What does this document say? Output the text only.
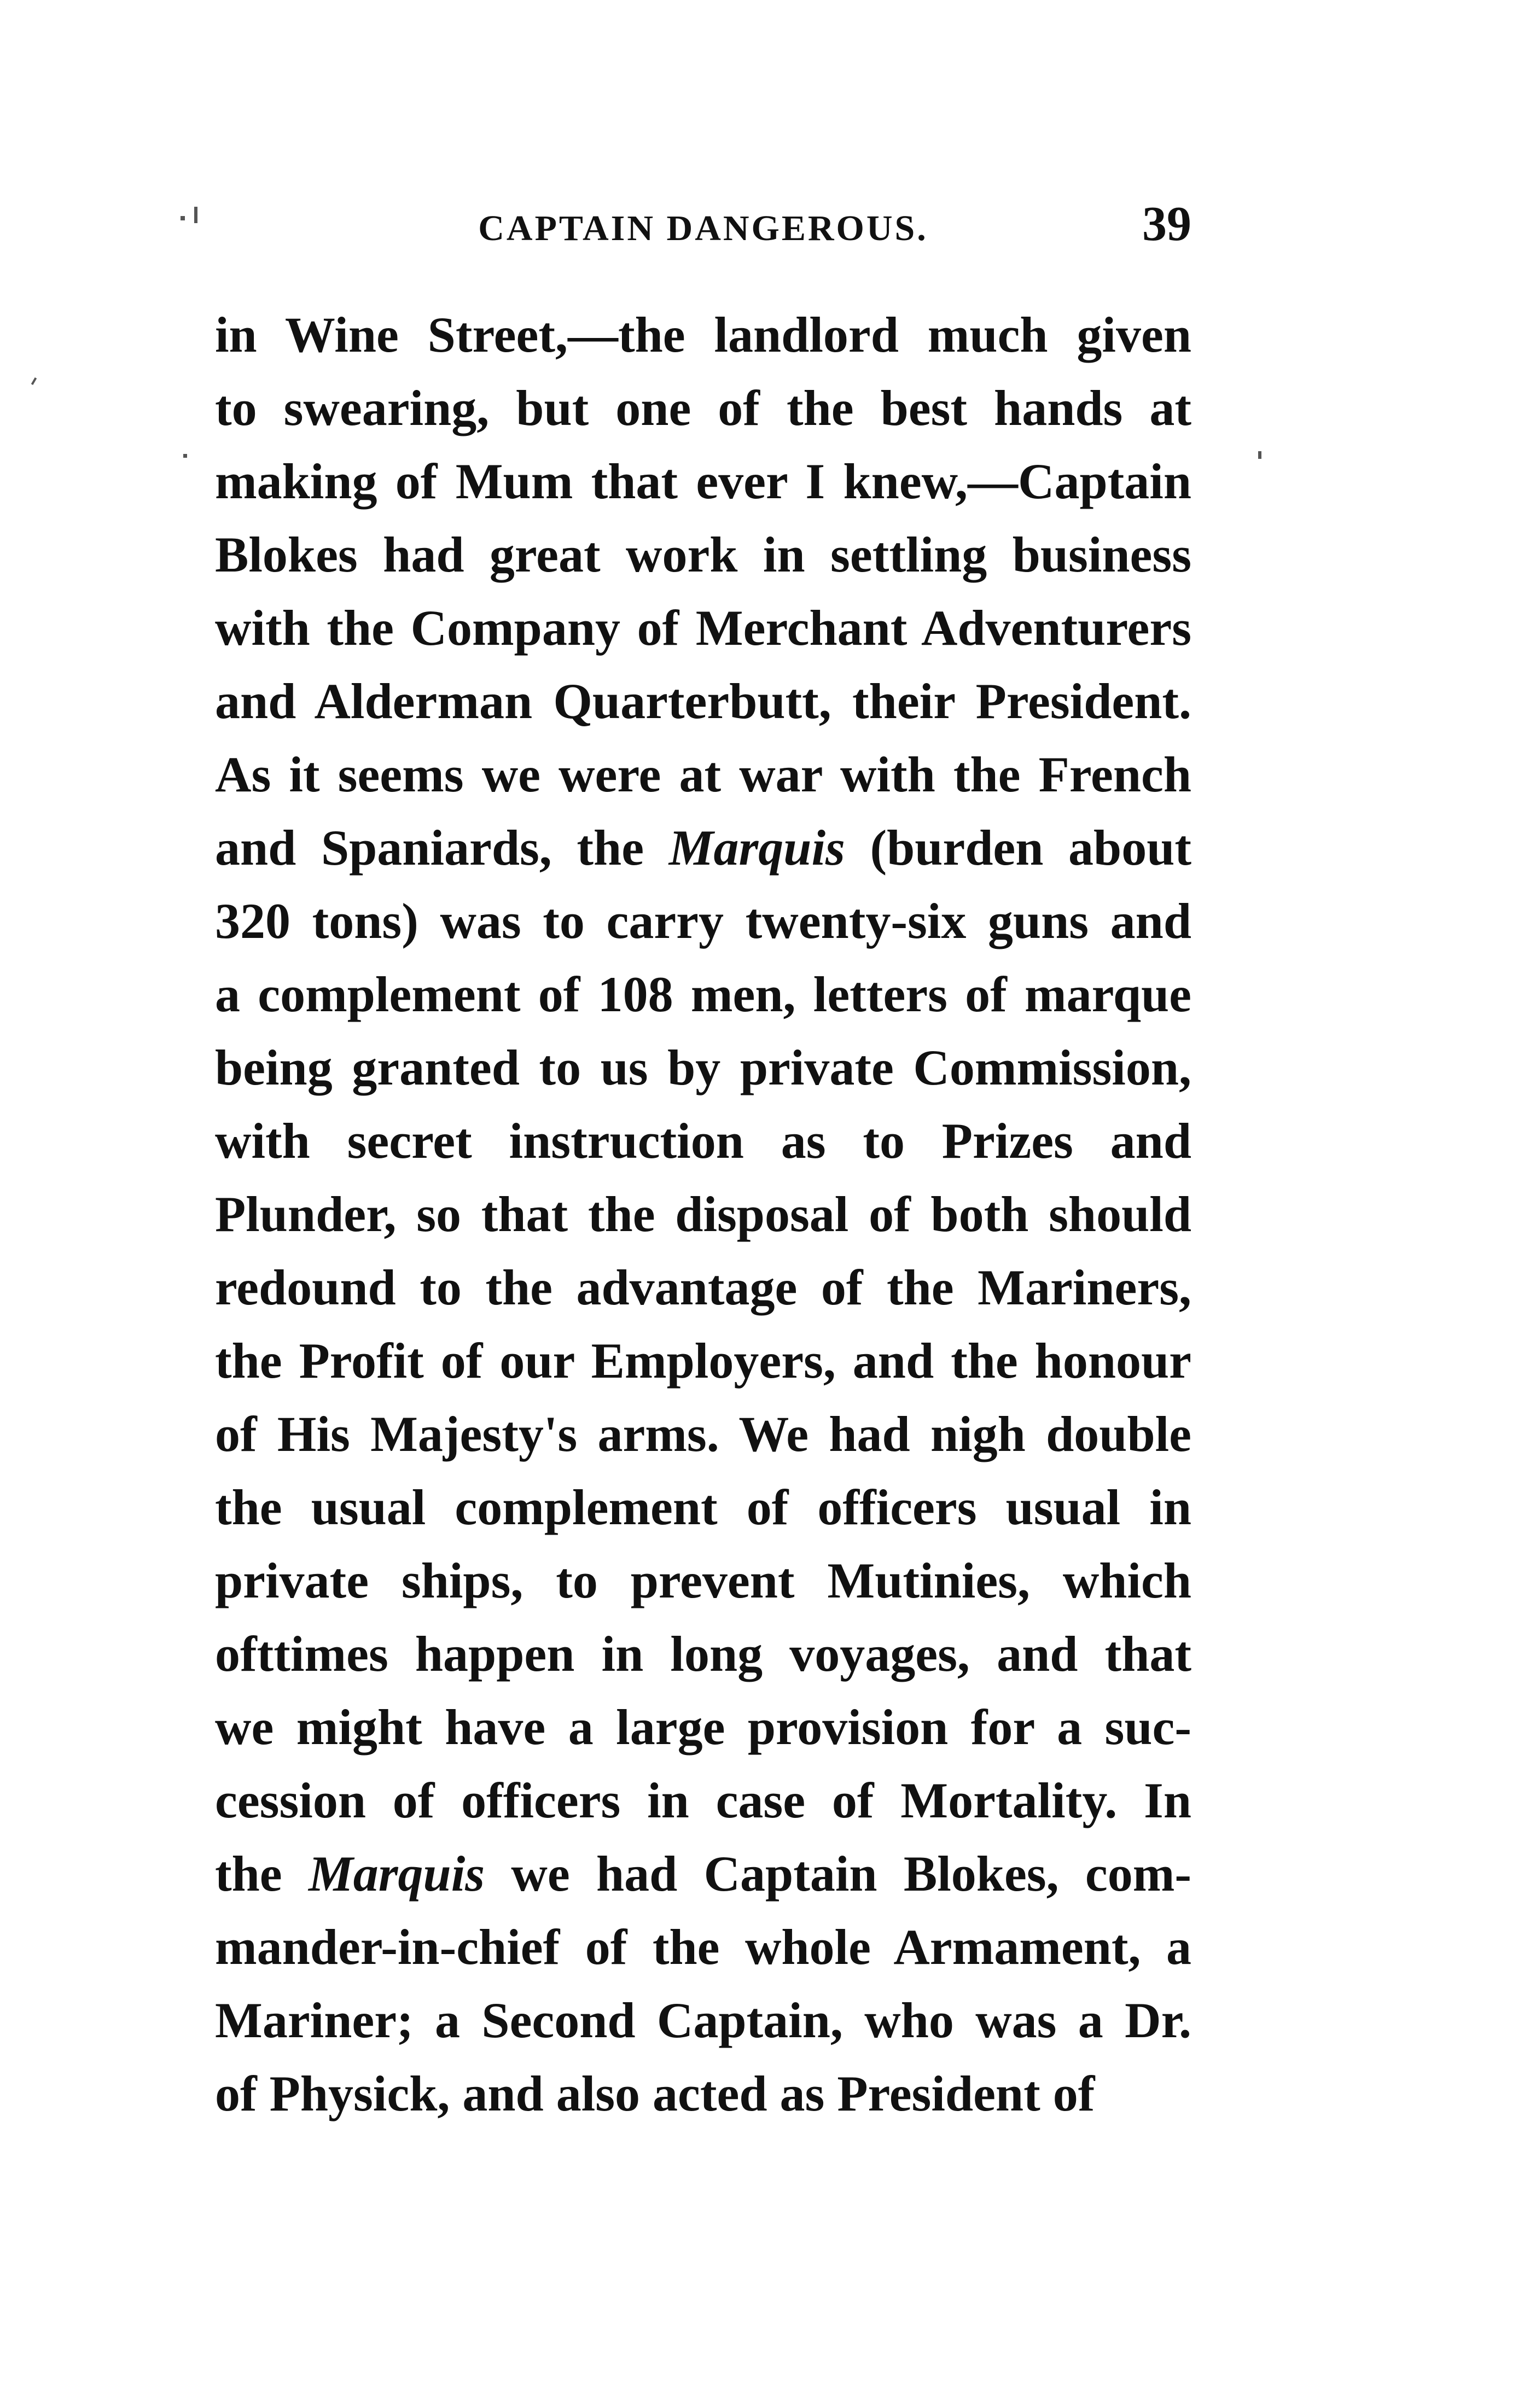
CAPTAIN DANGEROUS.	39
in Wine Street,—the landlord much given
to swearing, but one of the best hands at
making of Mum that ever I knew,—Captain
Blokes had great work in settling business
with the Company of Merchant Adventurers
and Alderman Quarterbutt, their President.
As it seems we were at war with the French
and Spaniards, the Marquis (burden about
320 tons) was to carry twenty-six guns and
a complement of 108 men, letters of marque
being granted to us by private Commission,
with secret instruction as to Prizes and
Plunder, so that the disposal of both should
redound to the advantage of the Mariners,
the Profit of our Employers, and the honour
of His Majesty's arms. We had nigh double
the usual complement of officers usual in
private ships, to prevent Mutinies, which
ofttimes happen in long voyages, and that
we might have a large provision for a suc-
cession of officers in case of Mortality. In
the Marquis we had Captain Blokes, com-
mander-in-chief of the whole Armament, a
Mariner; a Second Captain, who was a Dr.
of Physick, and also acted as President of
